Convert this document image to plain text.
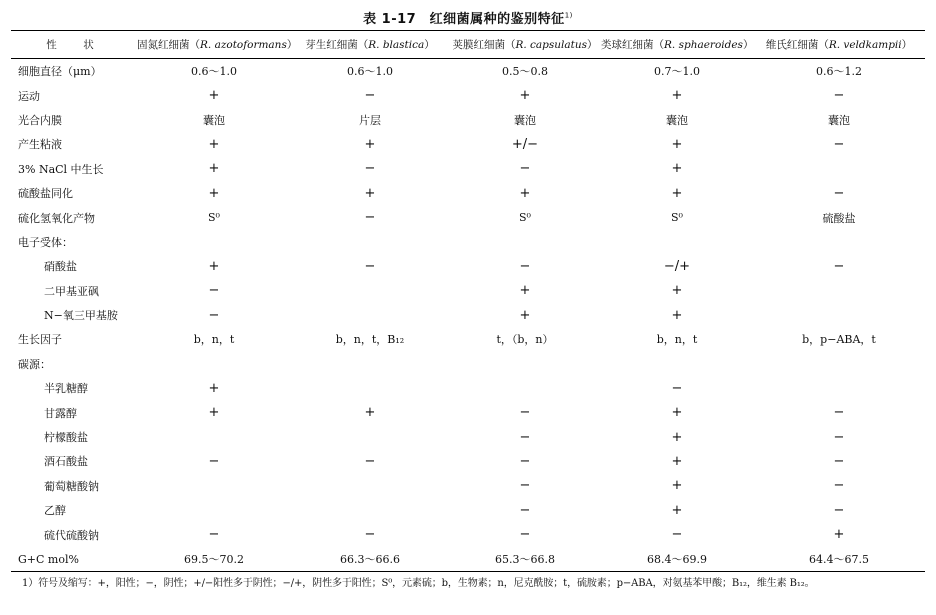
表 1-17　红细菌属种的鉴别特征$^{1)}$
性　状	固氮红细菌（R. azotoformans）	芽生红细菌（R. blastica）	荚膜红细菌（R. capsulatus）	类球红细菌（R. sphaeroides）	维氏红细菌（R. veldkampii）
细胞直径（μm）	0.6～1.0	0.6～1.0	0.5～0.8	0.7～1.0	0.6～1.2
运动	+	−	+	+	−
光合内膜	囊泡	片层	囊泡	囊泡	囊泡
产生粘液	+	+	+/−	+	−
3% NaCl 中生长	+	−	−	+	
硫酸盐同化	+	+	+	+	−
硫化氢氧化产物	S⁰	−	S⁰	S⁰	硫酸盐
电子受体：					
硝酸盐	+	−	−	−/+	−
二甲基亚砜	−		+	+	
N−氧三甲基胺	−		+	+	
生长因子	b，n，t	b，n，t，B₁₂	t，（b，n）	b，n，t	b，p−ABA，t
碳源：					
半乳糖醇	+			−	
甘露醇	+	+	−	+	−
柠檬酸盐			−	+	−
酒石酸盐	−	−	−	+	−
葡萄糖酸钠			−	+	−
乙醇			−	+	−
硫代硫酸钠	−	−	−	−	+
G+C mol%	69.5～70.2	66.3～66.6	65.3～66.8	68.4～69.9	64.4～67.5
1）符号及缩写：+，阳性；−，阴性；+/−阳性多于阴性；−/+，阴性多于阳性；S⁰，元素硫；b，生物素；n，尼克酰胺；t，硫胺素；p−ABA，对氨基苯甲酸；B₁₂，维生素 B₁₂。
